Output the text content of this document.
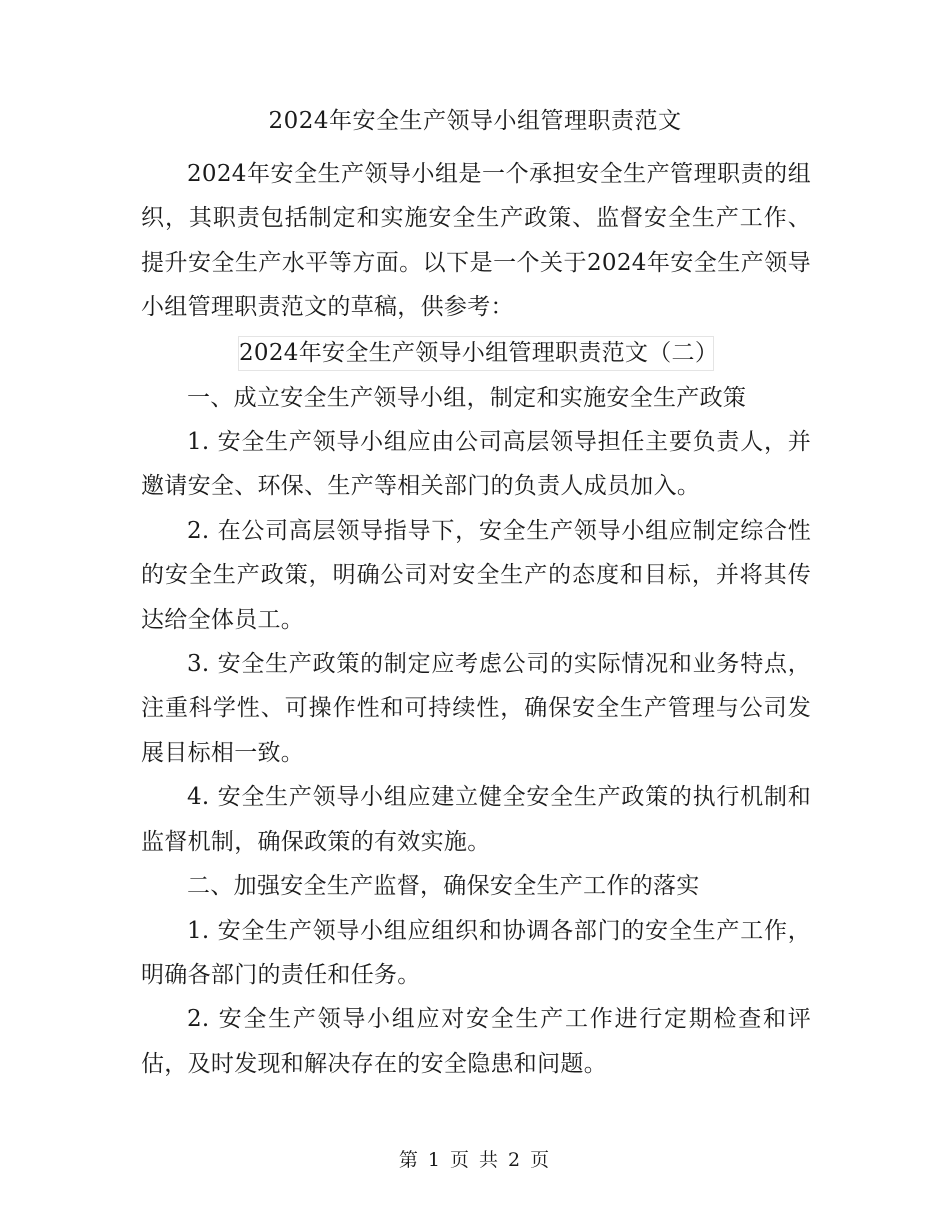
2024年安全生产领导小组管理职责范文

2024年安全生产领导小组是一个承担安全生产管理职责的组织，其职责包括制定和实施安全生产政策、监督安全生产工作、提升安全生产水平等方面。以下是一个关于2024年安全生产领导小组管理职责范文的草稿，供参考：

2024年安全生产领导小组管理职责范文（二）

一、成立安全生产领导小组，制定和实施安全生产政策

1. 安全生产领导小组应由公司高层领导担任主要负责人，并邀请安全、环保、生产等相关部门的负责人成员加入。

2. 在公司高层领导指导下，安全生产领导小组应制定综合性的安全生产政策，明确公司对安全生产的态度和目标，并将其传达给全体员工。

3. 安全生产政策的制定应考虑公司的实际情况和业务特点，注重科学性、可操作性和可持续性，确保安全生产管理与公司发展目标相一致。

4. 安全生产领导小组应建立健全安全生产政策的执行机制和监督机制，确保政策的有效实施。

二、加强安全生产监督，确保安全生产工作的落实

1. 安全生产领导小组应组织和协调各部门的安全生产工作，明确各部门的责任和任务。

2. 安全生产领导小组应对安全生产工作进行定期检查和评估，及时发现和解决存在的安全隐患和问题。

第 1 页 共 2 页
